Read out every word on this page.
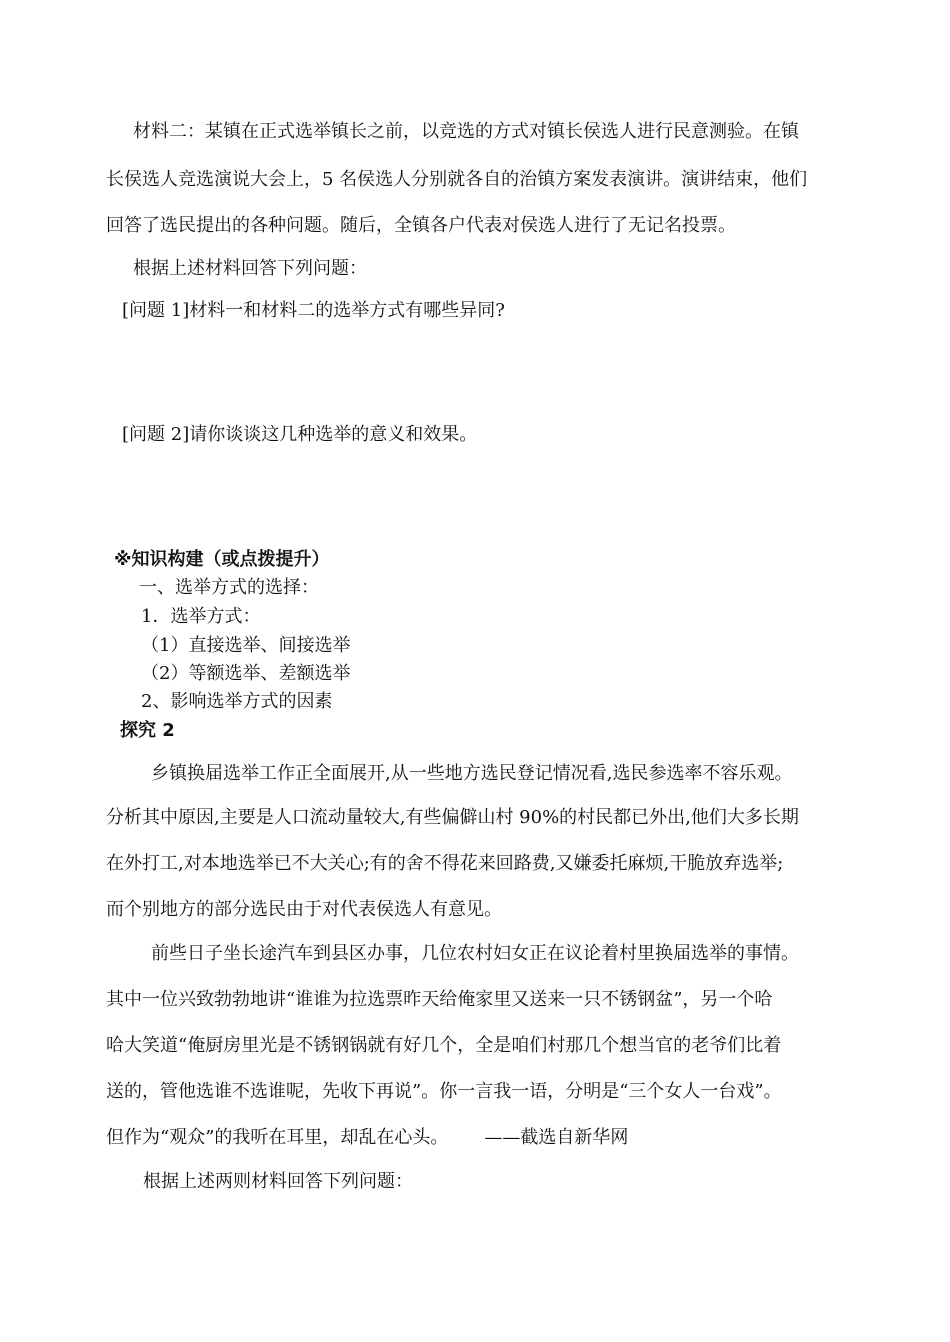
材料二：某镇在正式选举镇长之前，以竞选的方式对镇长侯选人进行民意测验。在镇
长侯选人竞选演说大会上，5 名侯选人分别就各自的治镇方案发表演讲。演讲结束，他们
回答了选民提出的各种问题。随后，全镇各户代表对侯选人进行了无记名投票。
根据上述材料回答下列问题：
[问题 1]材料一和材料二的选举方式有哪些异同?
[问题 2]请你谈谈这几种选举的意义和效果。
※知识构建（或点拨提升）
一、选举方式的选择：
1．选举方式：
（1）直接选举、间接选举
（2）等额选举、差额选举
2、影响选举方式的因素
探究 2
乡镇换届选举工作正全面展开,从一些地方选民登记情况看,选民参选率不容乐观。
分析其中原因,主要是人口流动量较大,有些偏僻山村 90%的村民都已外出,他们大多长期
在外打工,对本地选举已不大关心;有的舍不得花来回路费,又嫌委托麻烦,干脆放弃选举;
而个别地方的部分选民由于对代表侯选人有意见。
前些日子坐长途汽车到县区办事，几位农村妇女正在议论着村里换届选举的事情。
其中一位兴致勃勃地讲“谁谁为拉选票昨天给俺家里又送来一只不锈钢盆”，另一个哈
哈大笑道“俺厨房里光是不锈钢锅就有好几个，全是咱们村那几个想当官的老爷们比着
送的，管他选谁不选谁呢，先收下再说”。你一言我一语，分明是“三个女人一台戏”。
但作为“观众”的我听在耳里，却乱在心头。 ——截选自新华网
根据上述两则材料回答下列问题：
